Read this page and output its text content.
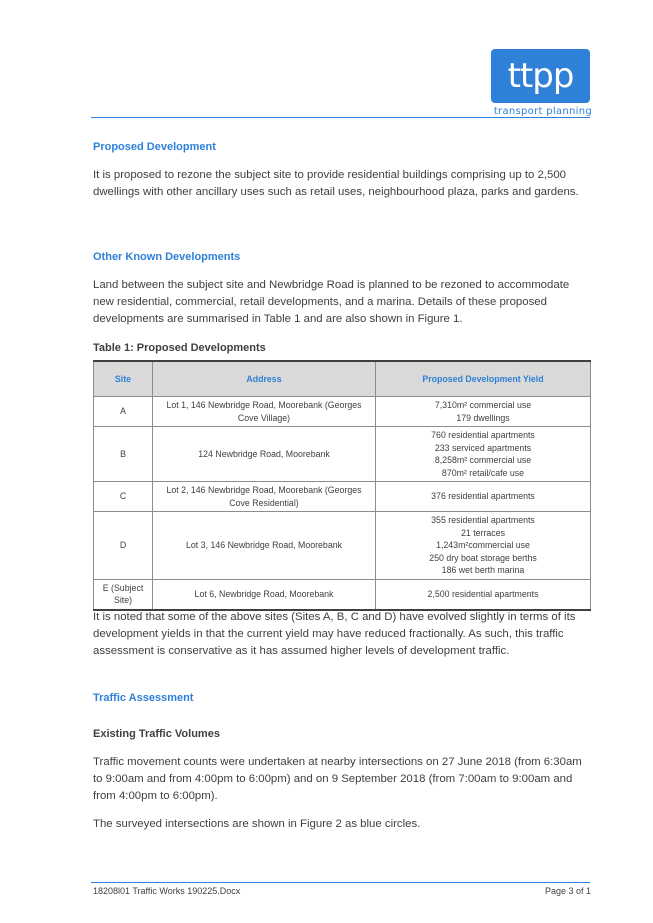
ttpp
transport planning
Proposed Development

It is proposed to rezone the subject site to provide residential buildings comprising up to 2,500 dwellings with other ancillary uses such as retail uses, neighbourhood plaza, parks and gardens.

Other Known Developments

Land between the subject site and Newbridge Road is planned to be rezoned to accommodate new residential, commercial, retail developments, and a marina. Details of these proposed developments are summarised in Table 1 and are also shown in Figure 1.

Table 1: Proposed Developments
Site	Address	Proposed Development Yield
A	Lot 1, 146 Newbridge Road, Moorebank (Georges Cove Village)	7,310m² commercial use
179 dwellings

B	124 Newbridge Road, Moorebank	760 residential apartments
233 serviced apartments
8,258m² commercial use
870m² retail/cafe use

C	Lot 2, 146 Newbridge Road, Moorebank (Georges Cove Residential)	376 residential apartments

D	Lot 3, 146 Newbridge Road, Moorebank	355 residential apartments
21 terraces
1,243m²commercial use
250 dry boat storage berths
186 wet berth marina

E (Subject Site)	Lot 6, Newbridge Road, Moorebank	2,500 residential apartments

It is noted that some of the above sites (Sites A, B, C and D) have evolved slightly in terms of its development yields in that the current yield may have reduced fractionally. As such, this traffic assessment is conservative as it has assumed higher levels of development traffic.

Traffic Assessment
Existing Traffic Volumes

Traffic movement counts were undertaken at nearby intersections on 27 June 2018 (from 6:30am to 9:00am and from 4:00pm to 6:00pm) and on 9 September 2018 (from 7:00am to 9:00am and from 4:00pm to 6:00pm).

The surveyed intersections are shown in Figure 2 as blue circles.

18208l01 Traffic Works 190225.Docx	Page 3 of 1
